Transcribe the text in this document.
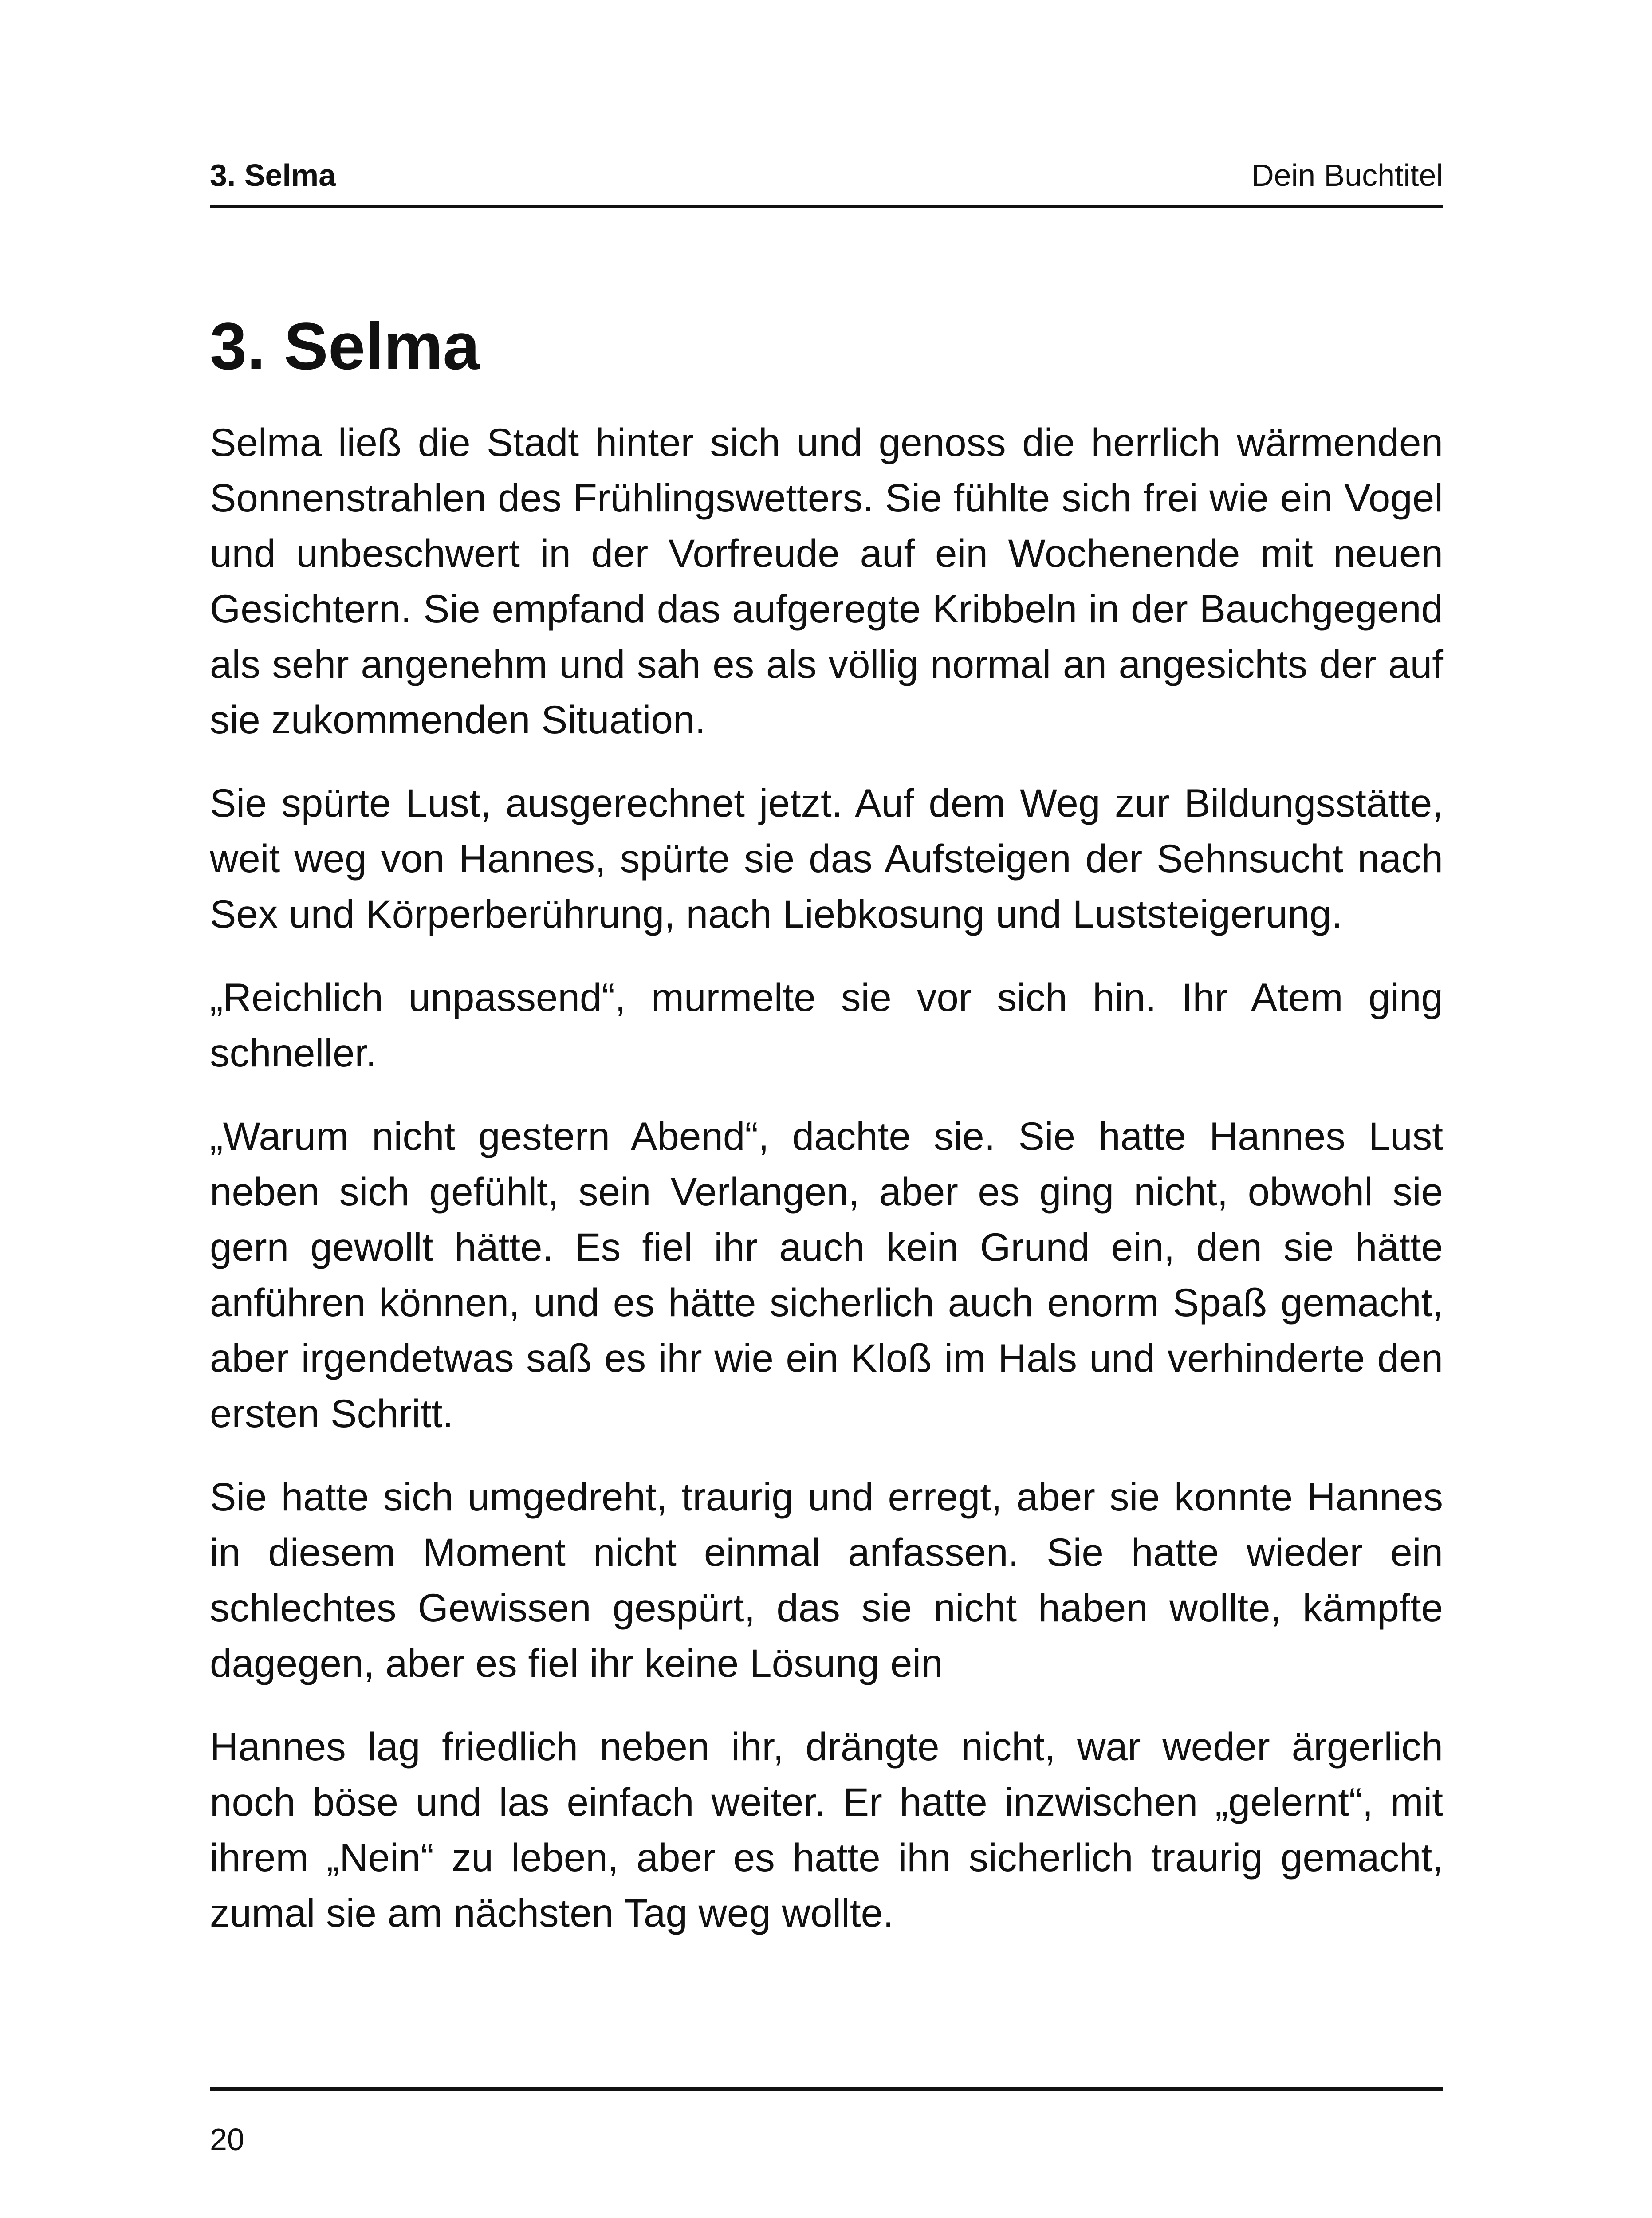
3. Selma	Dein Buchtitel
3. Selma

Selma ließ die Stadt hinter sich und genoss die herrlich wärmenden Sonnenstrahlen des Frühlingswetters. Sie fühlte sich frei wie ein Vogel und unbeschwert in der Vorfreude auf ein Wochenende mit neuen Gesichtern. Sie empfand das aufgeregte Kribbeln in der Bauchgegend als sehr angenehm und sah es als völlig normal an angesichts der auf sie zukommenden Situation.

Sie spürte Lust, ausgerechnet jetzt. Auf dem Weg zur Bildungsstätte, weit weg von Hannes, spürte sie das Aufsteigen der Sehnsucht nach Sex und Körperberührung, nach Liebkosung und Luststeigerung.

„Reichlich unpassend“, murmelte sie vor sich hin. Ihr Atem ging schneller.

„Warum nicht gestern Abend“, dachte sie. Sie hatte Hannes Lust neben sich gefühlt, sein Verlangen, aber es ging nicht, obwohl sie gern gewollt hätte. Es fiel ihr auch kein Grund ein, den sie hätte anführen können, und es hätte sicherlich auch enorm Spaß gemacht, aber irgendetwas saß es ihr wie ein Kloß im Hals und verhinderte den ersten Schritt.

Sie hatte sich umgedreht, traurig und erregt, aber sie konnte Hannes in diesem Moment nicht einmal anfassen. Sie hatte wieder ein schlechtes Gewissen gespürt, das sie nicht haben wollte, kämpfte dagegen, aber es fiel ihr keine Lösung ein

Hannes lag friedlich neben ihr, drängte nicht, war weder ärgerlich noch böse und las einfach weiter. Er hatte inzwischen „gelernt“, mit ihrem „Nein“ zu leben, aber es hatte ihn sicherlich traurig gemacht, zumal sie am nächsten Tag weg wollte.

20
